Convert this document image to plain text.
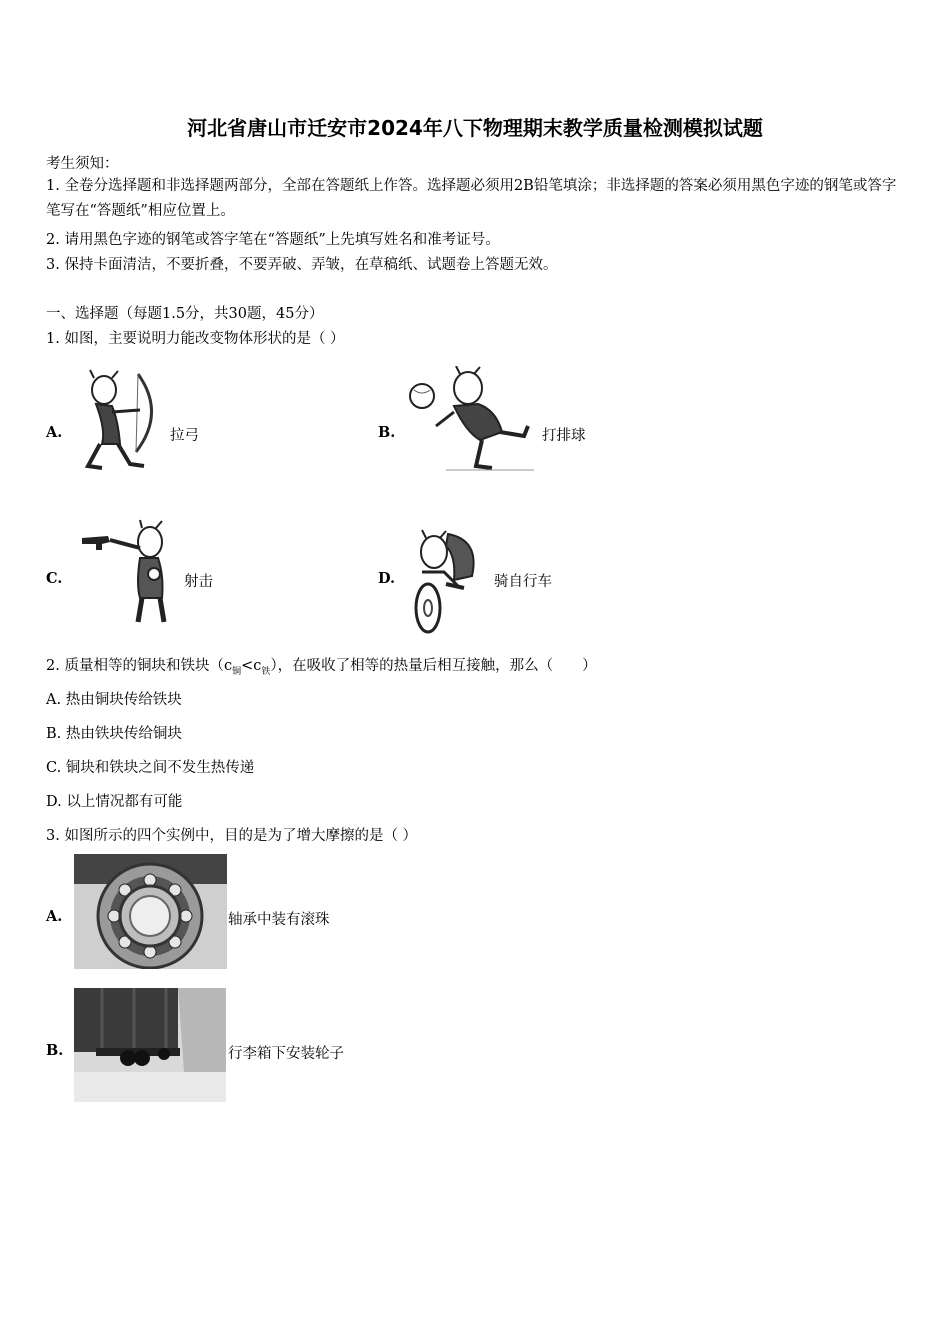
河北省唐山市迁安市2024年八下物理期末教学质量检测模拟试题
考生须知：
1. 全卷分选择题和非选择题两部分，全部在答题纸上作答。选择题必须用2B铅笔填涂；非选择题的答案必须用黑色字迹的钢笔或答字笔写在“答题纸”相应位置上。
2. 请用黑色字迹的钢笔或答字笔在“答题纸”上先填写姓名和准考证号。
3. 保持卡面清洁，不要折叠，不要弄破、弄皱，在草稿纸、试题卷上答题无效。
一、选择题（每题1.5分，共30题，45分）
1. 如图，主要说明力能改变物体形状的是（ ）
A.	拉弓	B.	打排球
C.	射击	D.	骑自行车
2. 质量相等的铜块和铁块$(c_铜<c_铁)$，在吸收了相等的热量后相互接触，那么（　　）
A. 热由铜块传给铁块
B. 热由铁块传给铜块
C. 铜块和铁块之间不发生热传递
D. 以上情况都有可能
3. 如图所示的四个实例中，目的是为了增大摩擦的是（ ）
A.	轴承中装有滚珠
B.	行李箱下安装轮子
